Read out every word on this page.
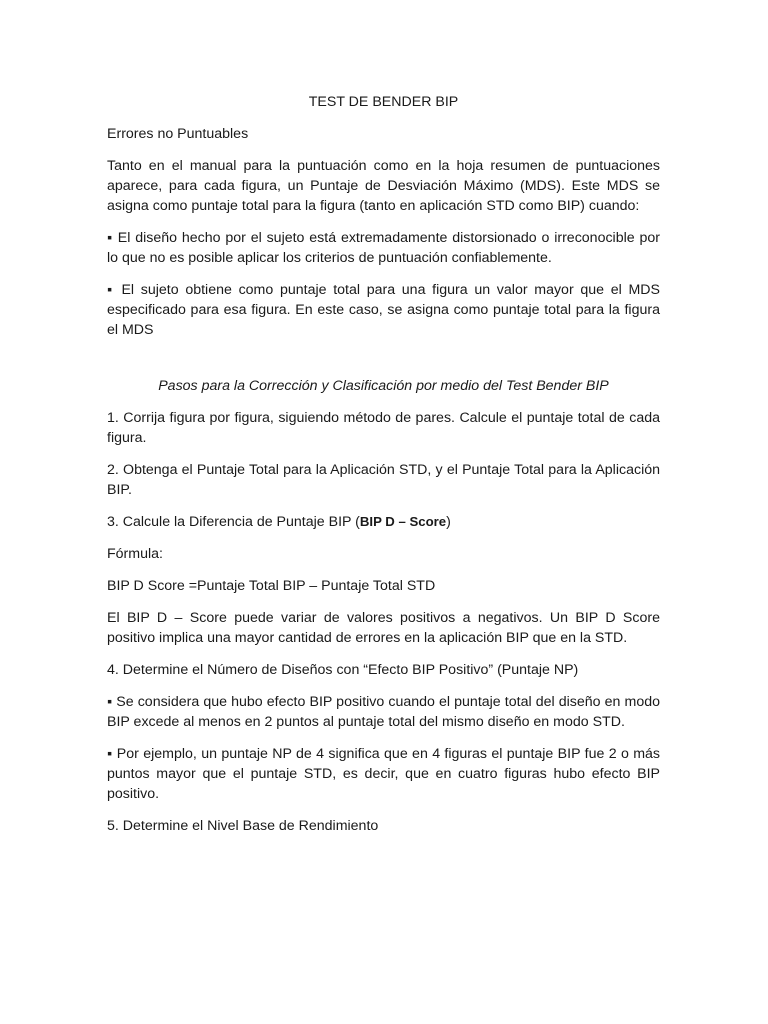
TEST DE BENDER BIP
Errores no Puntuables
Tanto en el manual para la puntuación como en la hoja resumen de puntuaciones aparece, para cada figura, un Puntaje de Desviación Máximo (MDS). Este MDS se asigna como puntaje total para la figura (tanto en aplicación STD como BIP) cuando:
▪ El diseño hecho por el sujeto está extremadamente distorsionado o irreconocible por lo que no es posible aplicar los criterios de puntuación confiablemente.
▪ El sujeto obtiene como puntaje total para una figura un valor mayor que el MDS especificado para esa figura. En este caso, se asigna como puntaje total para la figura el MDS
Pasos para la Corrección y Clasificación por medio del Test Bender BIP
1. Corrija figura por figura, siguiendo método de pares. Calcule el puntaje total de cada figura.
2. Obtenga el Puntaje Total para la Aplicación STD, y el Puntaje Total para la Aplicación BIP.
3. Calcule la Diferencia de Puntaje BIP (BIP D – Score)
Fórmula:
BIP D Score =Puntaje Total BIP – Puntaje Total STD
El BIP D – Score puede variar de valores positivos a negativos. Un BIP D Score positivo implica una mayor cantidad de errores en la aplicación BIP que en la STD.
4. Determine el Número de Diseños con “Efecto BIP Positivo” (Puntaje NP)
▪ Se considera que hubo efecto BIP positivo cuando el puntaje total del diseño en modo BIP excede al menos en 2 puntos al puntaje total del mismo diseño en modo STD.
▪ Por ejemplo, un puntaje NP de 4 significa que en 4 figuras el puntaje BIP fue 2 o más puntos mayor que el puntaje STD, es decir, que en cuatro figuras hubo efecto BIP positivo.
5. Determine el Nivel Base de Rendimiento
